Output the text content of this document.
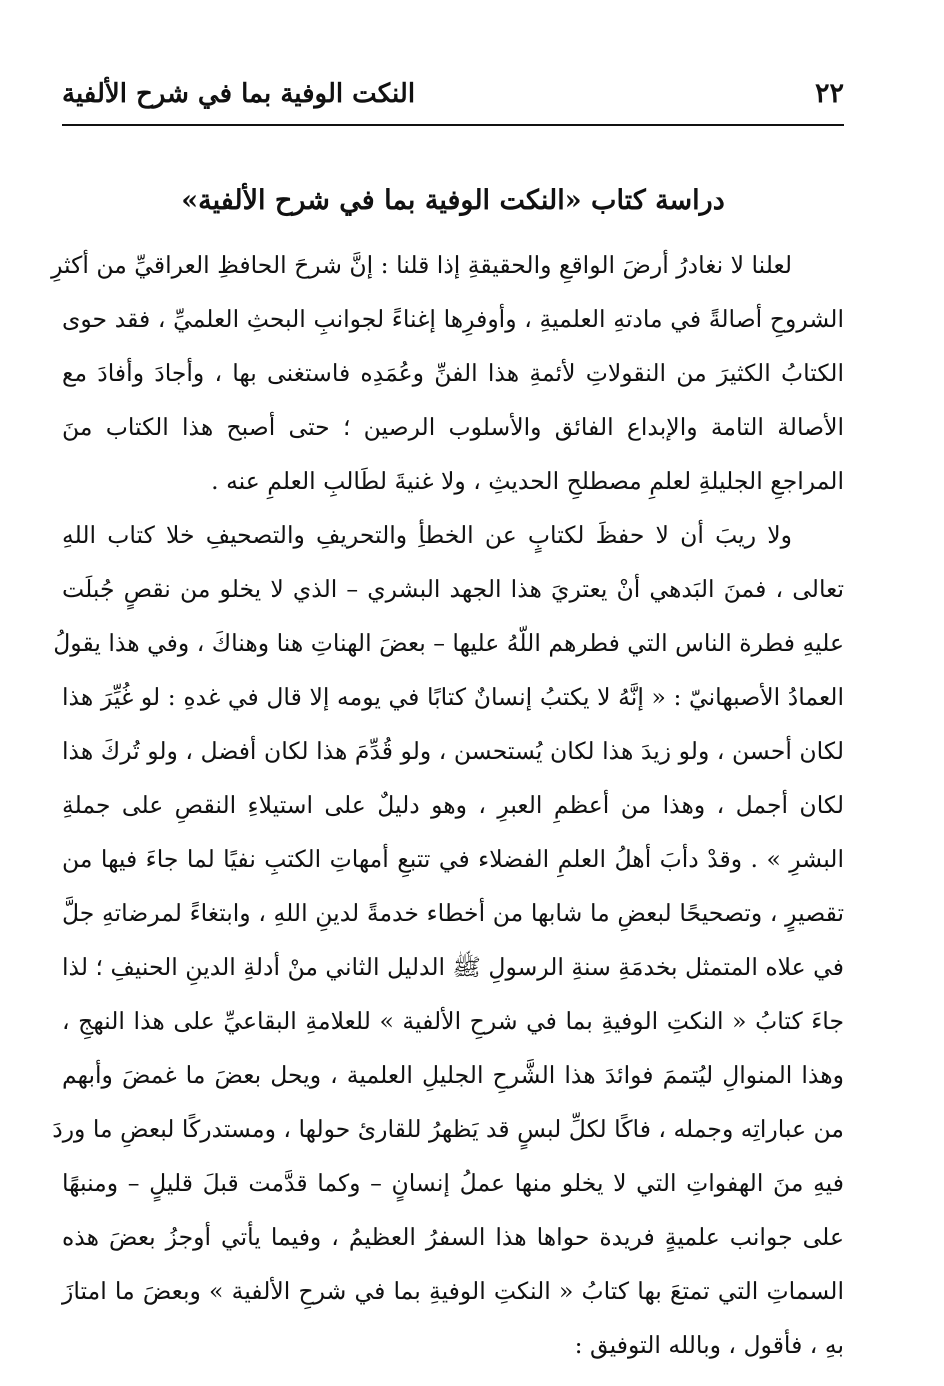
٢٢
النكت الوفية بما في شرح الألفية
دراسة كتاب «النكت الوفية بما في شرح الألفية»
لعلنا لا نغادرُ أرضَ الواقعِ والحقيقةِ إذا قلنا : إنَّ شرحَ الحافظِ العراقيِّ من أكثرِ
الشروحِ أصالةً في مادتهِ العلميةِ ، وأوفرِها إغناءً لجوانبِ البحثِ العلميِّ ، فقد حوى
الكتابُ الكثيرَ من النقولاتِ لأئمةِ هذا الفنِّ وعُمَدِه فاستغنى بها ، وأجادَ وأفادَ مع
الأصالة التامة والإبداع الفائق والأسلوب الرصين ؛ حتى أصبح هذا الكتاب منَ
المراجعِ الجليلةِ لعلمِ مصطلحِ الحديثِ ، ولا غنيةَ لطَالبِ العلمِ عنه .
ولا ريبَ أن لا حفظَ لكتابٍ عن الخطأِ والتحريفِ والتصحيفِ خلا كتاب اللهِ
تعالى ، فمنَ البَدهي أنْ يعتريَ هذا الجهد البشري – الذي لا يخلو من نقصٍ جُبلَت
عليهِ فطرة الناس التي فطرهم اللّهُ عليها – بعضَ الهناتِ هنا وهناكَ ، وفي هذا يقولُ
العمادُ الأصبهانيّ : « إنَّهُ لا يكتبُ إنسانٌ كتابًا في يومه إلا قال في غدهِ : لو غُيِّرَ هذا
لكان أحسن ، ولو زيدَ هذا لكان يُستحسن ، ولو قُدِّمَ هذا لكان أفضل ، ولو تُركَ هذا
لكان أجمل ، وهذا من أعظمِ العبرِ ، وهو دليلٌ على استيلاءِ النقصِ على جملةِ
البشرِ » . وقدْ دأبَ أهلُ العلمِ الفضلاء في تتبعِ أمهاتِ الكتبِ نفيًا لما جاءَ فيها من
تقصيرٍ ، وتصحيحًا لبعضِ ما شابها من أخطاء خدمةً لدينِ اللهِ ، وابتغاءً لمرضاتهِ جلَّ
في علاه المتمثل بخدمَةِ سنةِ الرسولِ ﷺ الدليل الثاني منْ أدلةِ الدينِ الحنيفِ ؛ لذا
جاءَ كتابُ « النكتِ الوفيةِ بما في شرحِ الألفية » للعلامةِ البقاعيِّ على هذا النهجِ ،
وهذا المنوالِ ليُتممَ فوائدَ هذا الشَّرحِ الجليلِ العلمية ، ويحل بعضَ ما غمضَ وأبهم
من عباراتِه وجمله ، فاكًا لكلِّ لبسٍ قد يَظهرُ للقارئ حولها ، ومستدركًا لبعضِ ما وردَ
فيهِ منَ الهفواتِ التي لا يخلو منها عملُ إنسانٍ – وكما قدَّمت قبلَ قليلٍ – ومنبهًا
على جوانب علميةٍ فريدة حواها هذا السفرُ العظيمُ ، وفيما يأتي أوجزُ بعضَ هذه
السماتِ التي تمتعَ بها كتابُ « النكتِ الوفيةِ بما في شرحِ الألفية » وبعضَ ما امتازَ
بهِ ، فأقول ، وبالله التوفيق :
